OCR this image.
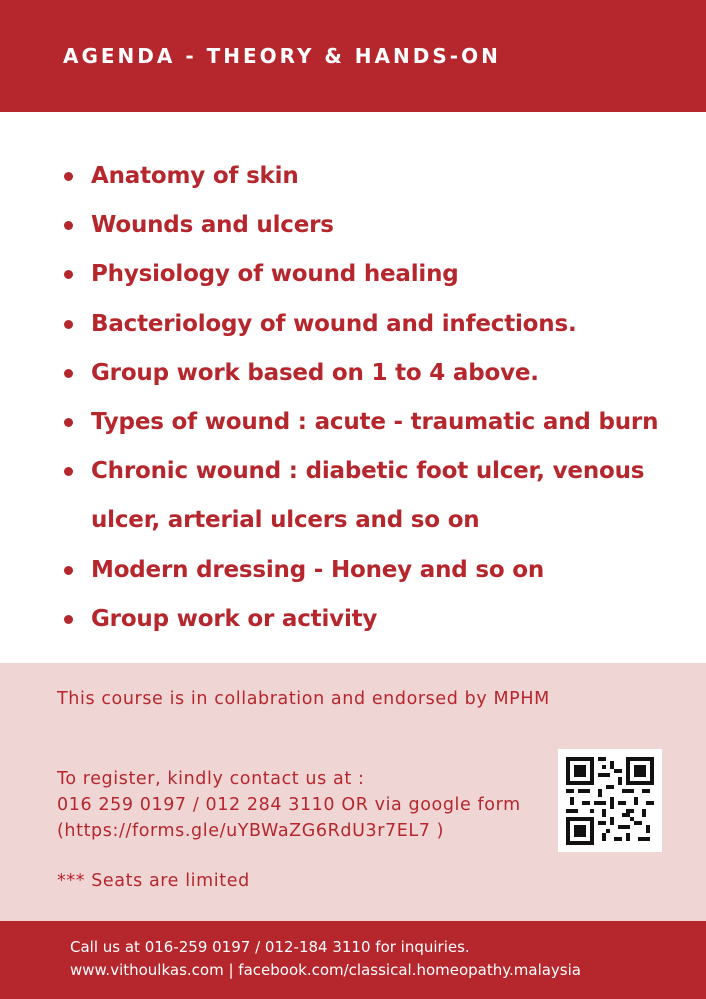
AGENDA - THEORY & HANDS-ON
Anatomy of skin
Wounds and ulcers
Physiology of wound healing
Bacteriology of wound and infections.
Group work based on 1 to 4 above.
Types of wound : acute - traumatic and burn
Chronic wound : diabetic foot ulcer, venous
ulcer, arterial ulcers and so on
Modern dressing - Honey and so on
Group work or activity

This course is in collabration and endorsed by MPHM

To register, kindly contact us at :
016 259 0197 / 012 284 3110 OR via google form
(https://forms.gle/uYBWaZG6RdU3r7EL7 )

*** Seats are limited

Call us at 016-259 0197 / 012-184 3110 for inquiries.

www.vithoulkas.com | facebook.com/classical.homeopathy.malaysia
